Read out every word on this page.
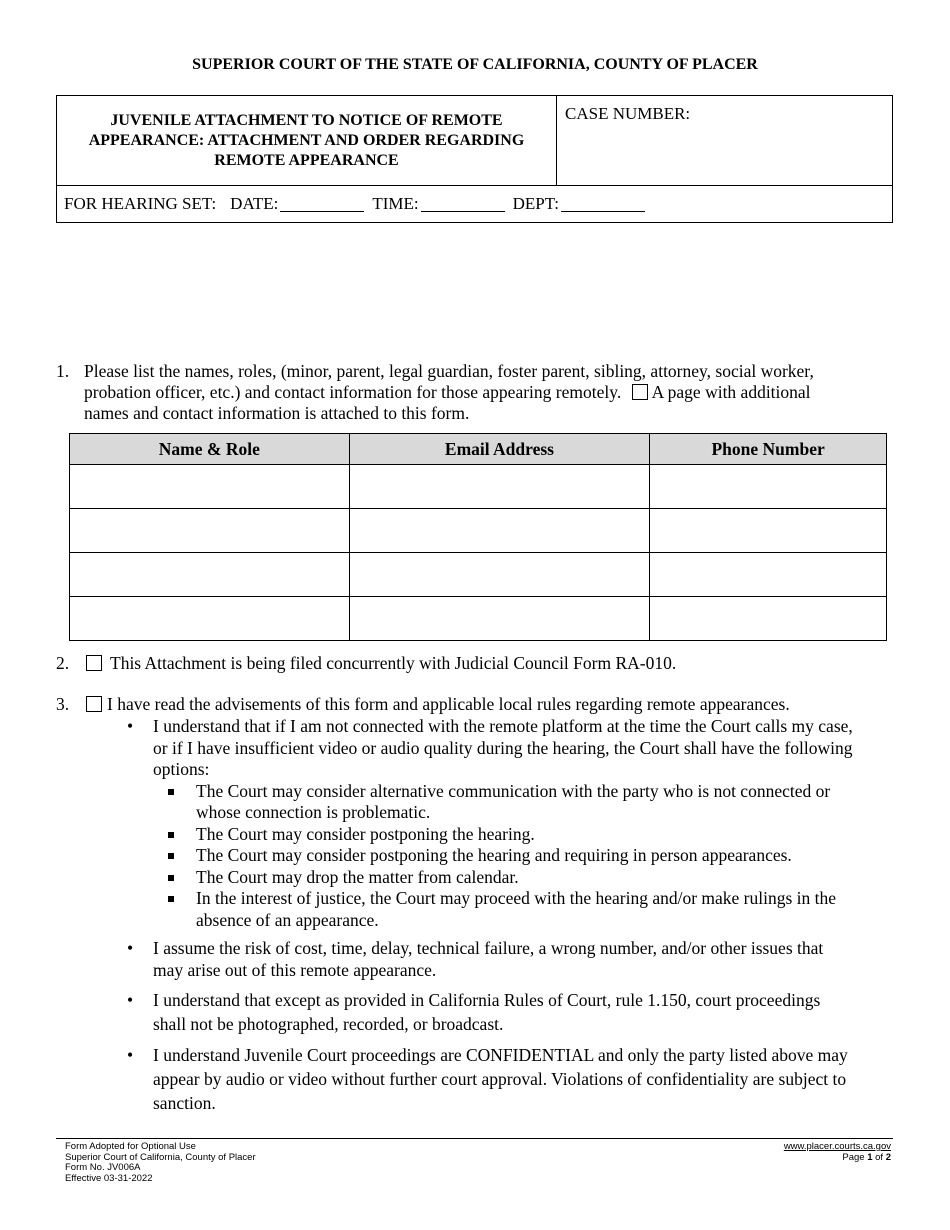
SUPERIOR COURT OF THE STATE OF CALIFORNIA, COUNTY OF PLACER
JUVENILE ATTACHMENT TO NOTICE OF REMOTE
APPEARANCE: ATTACHMENT AND ORDER REGARDING
REMOTE APPEARANCE
CASE NUMBER:
FOR HEARING SET: DATE:	TIME:	DEPT:
1. Please list the names, roles, (minor, parent, legal guardian, foster parent, sibling, attorney, social worker,
probation officer, etc.) and contact information for those appearing remotely. A page with additional
names and contact information is attached to this form.
Name & Role	Email Address	Phone Number

2.	This Attachment is being filed concurrently with Judicial Council Form RA-010.
3.	I have read the advisements of this form and applicable local rules regarding remote appearances.
• I understand that if I am not connected with the remote platform at the time the Court calls my case,
or if I have insufficient video or audio quality during the hearing, the Court shall have the following
options:
The Court may consider alternative communication with the party who is not connected or
whose connection is problematic.
The Court may consider postponing the hearing.
The Court may consider postponing the hearing and requiring in person appearances.
The Court may drop the matter from calendar.
In the interest of justice, the Court may proceed with the hearing and/or make rulings in the
absence of an appearance.
• I assume the risk of cost, time, delay, technical failure, a wrong number, and/or other issues that
may arise out of this remote appearance.
• I understand that except as provided in California Rules of Court, rule 1.150, court proceedings
shall not be photographed, recorded, or broadcast.
• I understand Juvenile Court proceedings are CONFIDENTIAL and only the party listed above may
appear by audio or video without further court approval. Violations of confidentiality are subject to
sanction.
Form Adopted for Optional Use
Superior Court of California, County of Placer
Form No. JV006A
Effective 03-31-2022
www.placer.courts.ca.gov
Page 1 of 2
